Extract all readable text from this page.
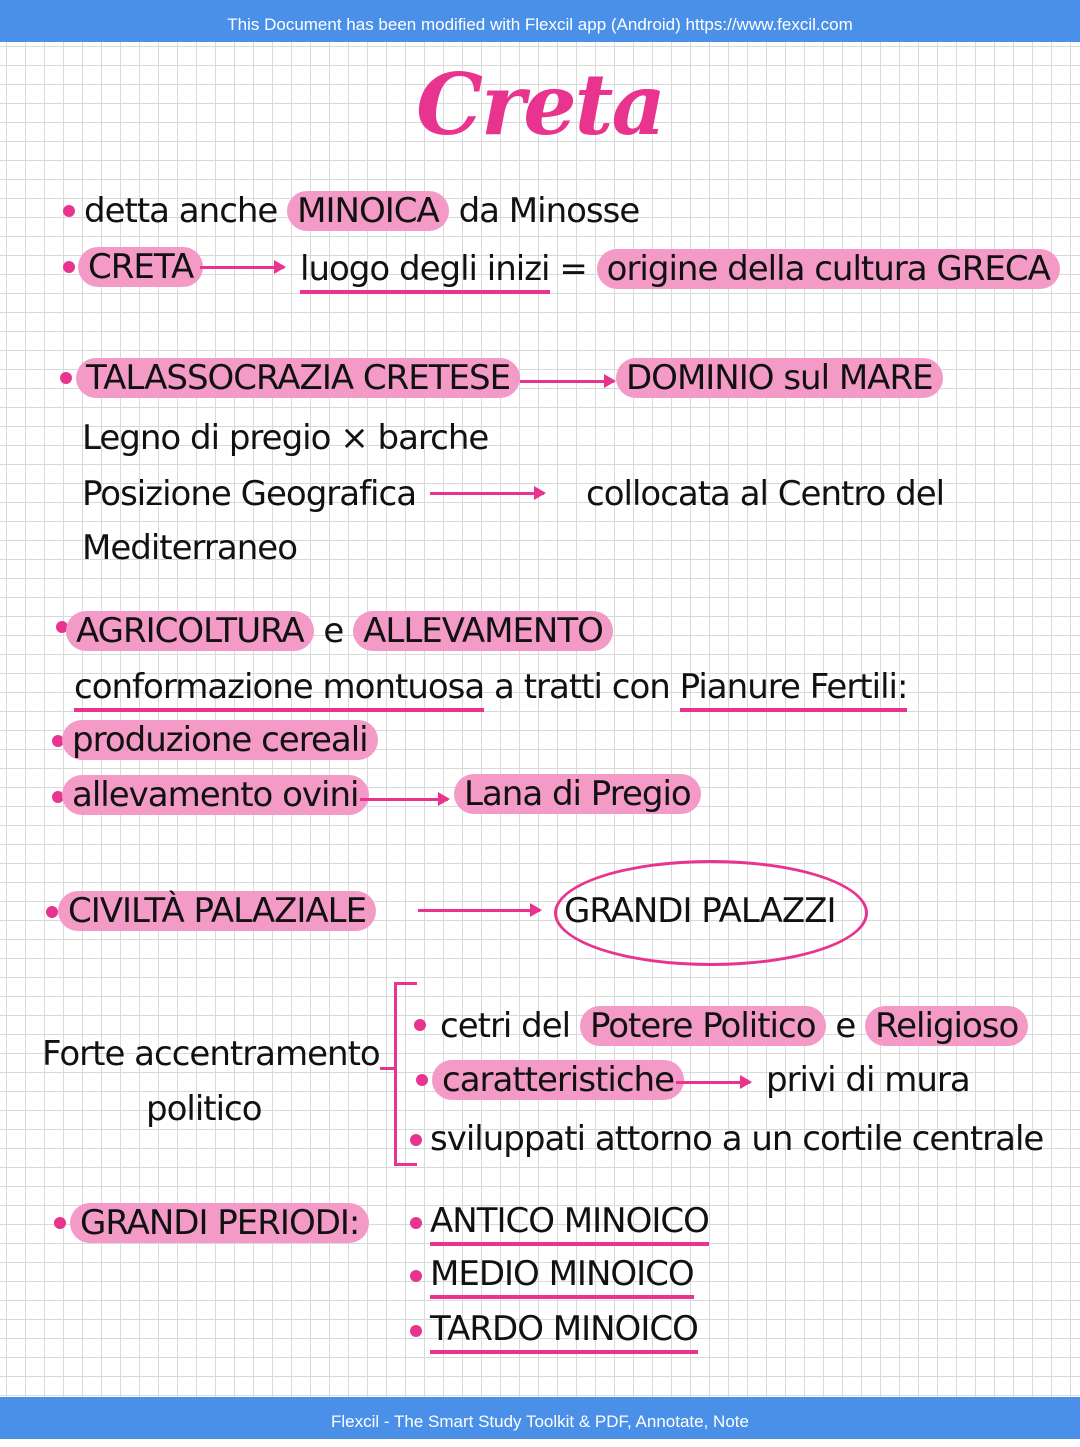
This Document has been modified with Flexcil app (Android) https://www.fexcil.com
Creta
detta anche MINOICA da Minosse
CRETA	luogo degli inizi = origine della cultura GRECA
TALASSOCRAZIA CRETESE	DOMINIO sul MARE
Legno di pregio × barche
Posizione Geografica	collocata al Centro del
Mediterraneo
AGRICOLTURA e ALLEVAMENTO
conformazione montuosa a tratti con Pianure Fertili:
produzione cereali
allevamento ovini	Lana di Pregio
CIVILTÀ PALAZIALE	GRANDI PALAZZI
Forte accentramento
politico
cetri del Potere Politico e Religioso
caratteristiche	privi di mura
sviluppati attorno a un cortile centrale
GRANDI PERIODI: ANTICO MINOICO
MEDIO MINOICO
TARDO MINOICO
Flexcil - The Smart Study Toolkit & PDF, Annotate, Note
